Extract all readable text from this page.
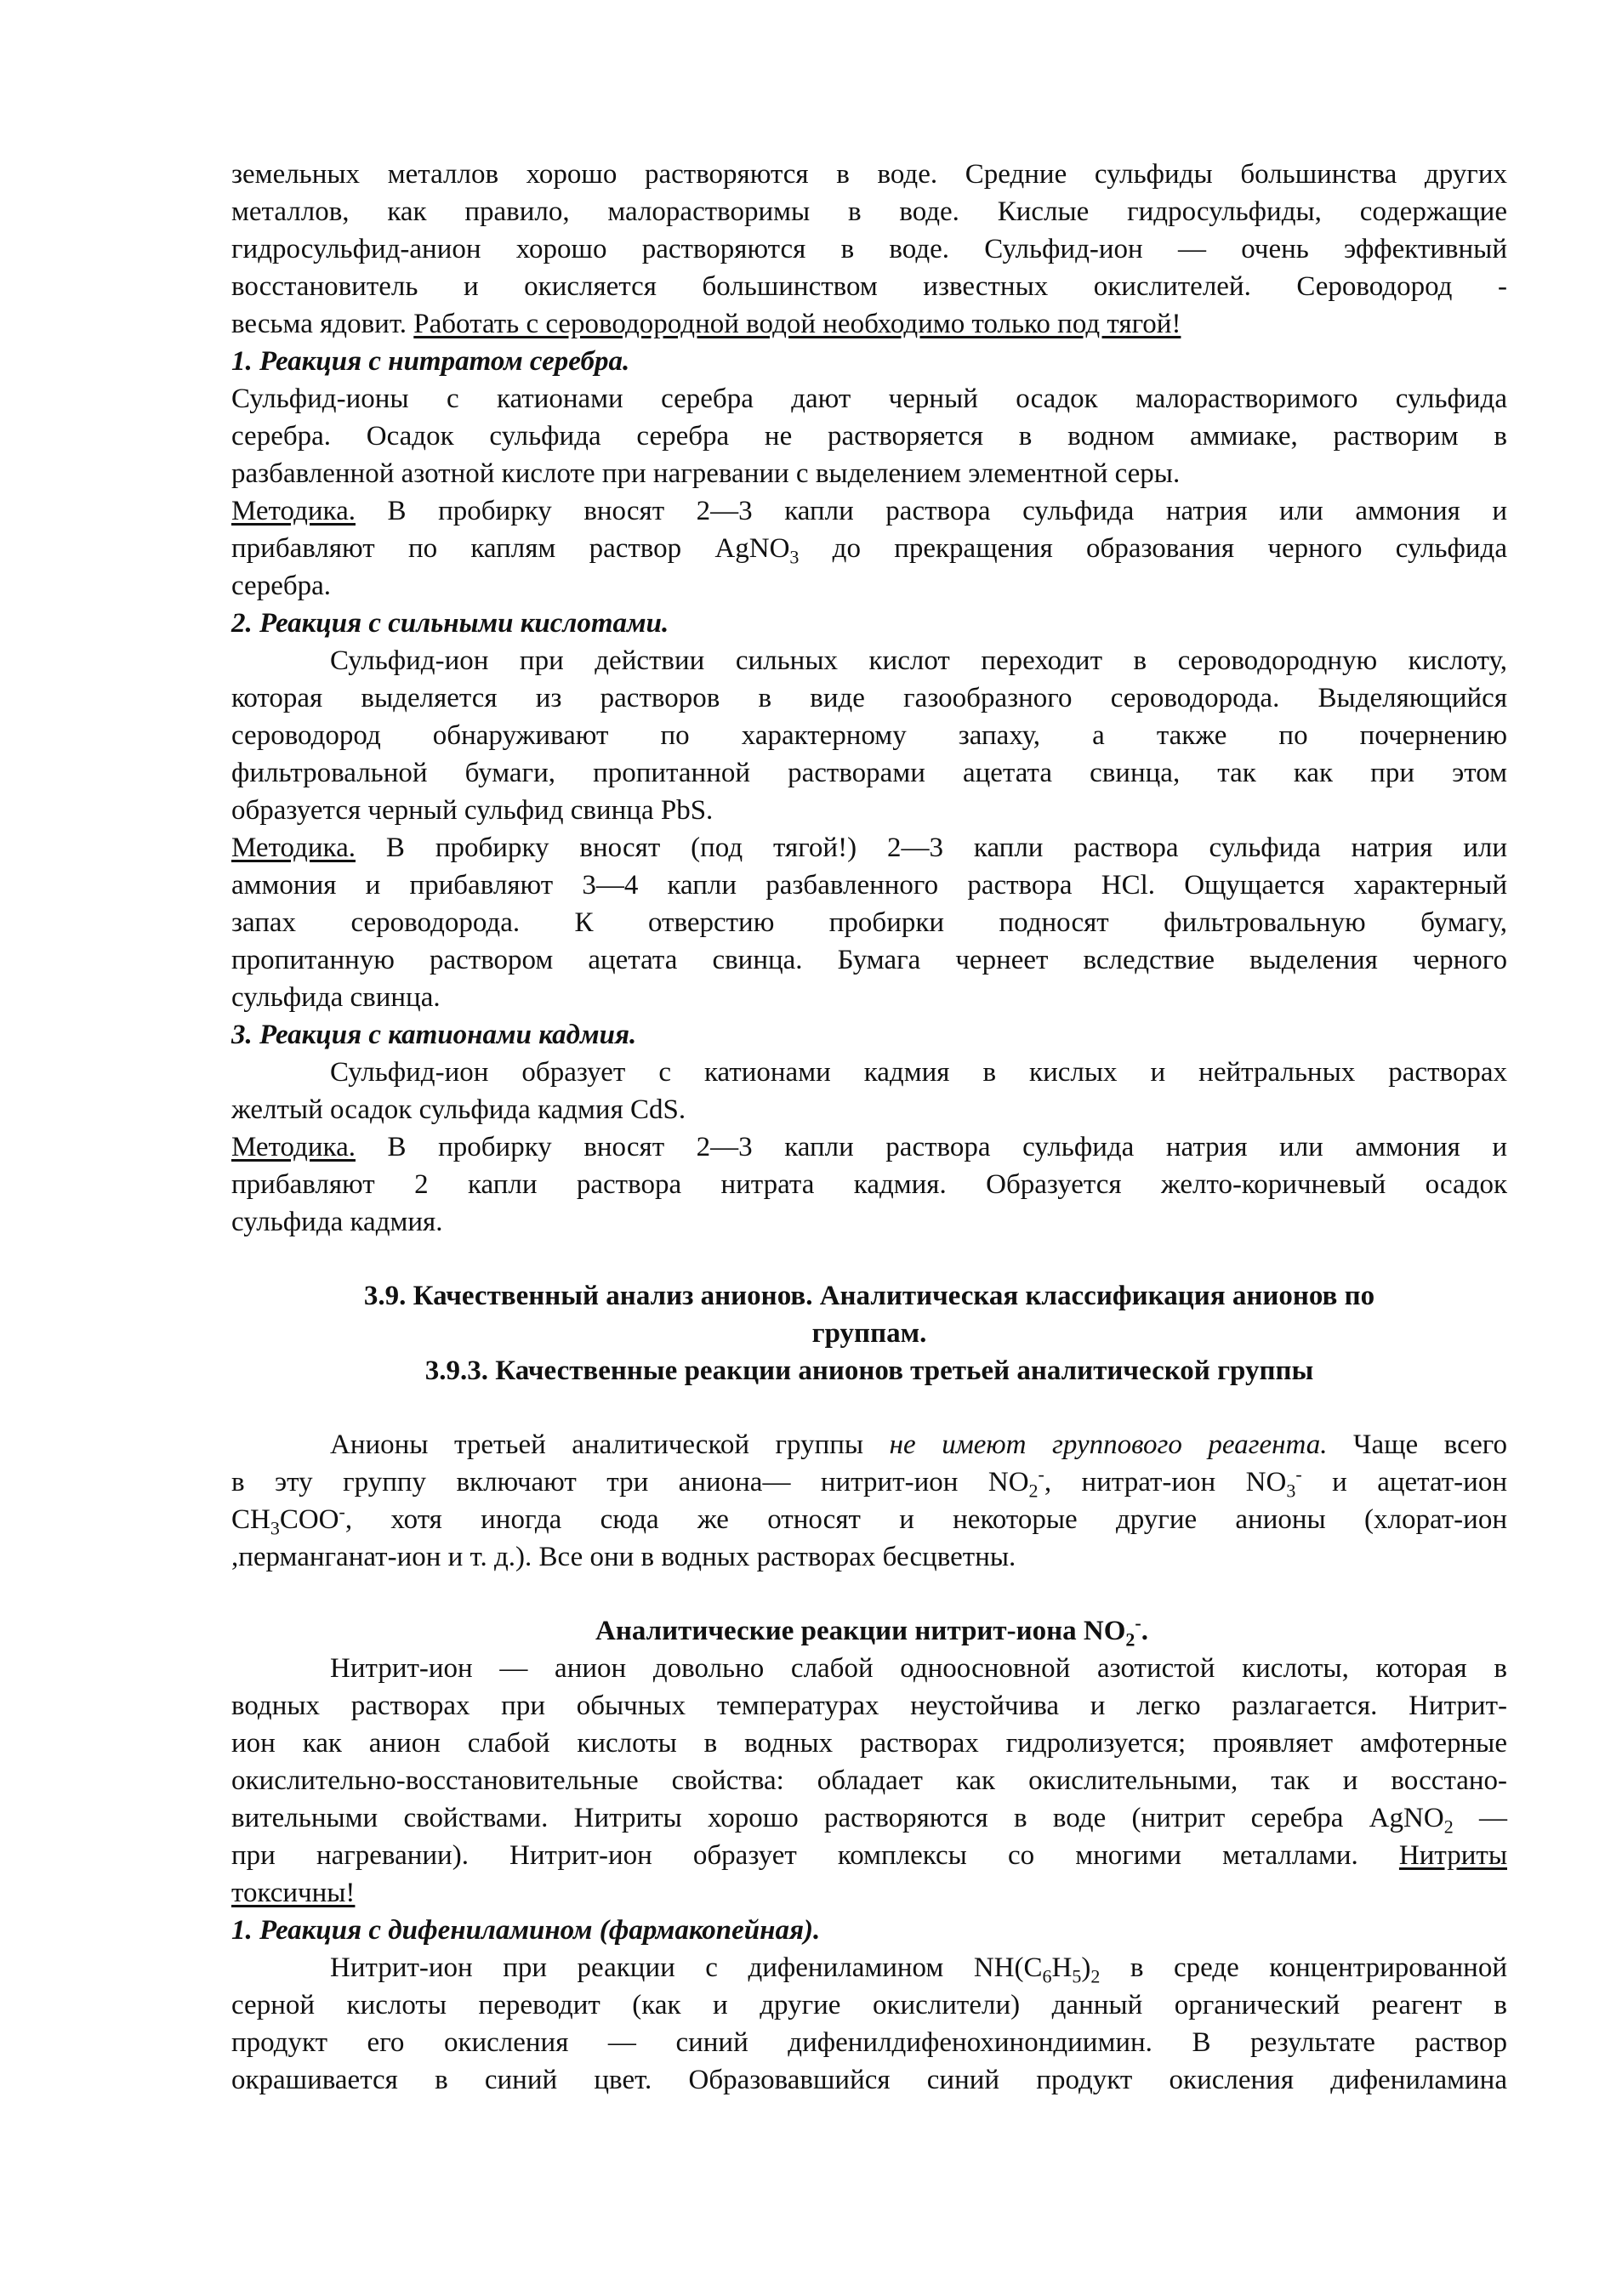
земельных металлов хорошо растворяются в воде. Средние сульфиды большинства других
металлов, как правило, малорастворимы в воде. Кислые гидросульфиды, содержащие
гидросульфид-анион хорошо растворяются в воде. Сульфид-ион — очень эффективный
восстановитель и окисляется большинством известных окислителей. Сероводород -
весьма ядовит. Работать с сероводородной водой необходимо только под тягой!
1. Реакция с нитратом серебра.
Сульфид-ионы с катионами серебра дают черный осадок малорастворимого сульфида
серебра. Осадок сульфида серебра не растворяется в водном аммиаке, растворим в
разбавленной азотной кислоте при нагревании с выделением элементной серы.
Методика. В пробирку вносят 2—3 капли раствора сульфида натрия или аммония и
прибавляют по каплям раствор AgNO$_3$ до прекращения образования черного сульфида
серебра.
2. Реакция с сильными кислотами.
Сульфид-ион при действии сильных кислот переходит в сероводородную кислоту,
которая выделяется из растворов в виде газообразного сероводорода. Выделяющийся
сероводород обнаруживают по характерному запаху, а также по почернению
фильтровальной бумаги, пропитанной растворами ацетата свинца, так как при этом
образуется черный сульфид свинца PbS.
Методика. В пробирку вносят (под тягой!) 2—3 капли раствора сульфида натрия или
аммония и прибавляют 3—4 капли разбавленного раствора HCl. Ощущается характерный
запах сероводорода. К отверстию пробирки подносят фильтровальную бумагу,
пропитанную раствором ацетата свинца. Бумага чернеет вследствие выделения черного
сульфида свинца.
3. Реакция с катионами кадмия.
Сульфид-ион образует с катионами кадмия в кислых и нейтральных растворах
желтый осадок сульфида кадмия CdS.
Методика. В пробирку вносят 2—3 капли раствора сульфида натрия или аммония и
прибавляют 2 капли раствора нитрата кадмия. Образуется желто-коричневый осадок
сульфида кадмия.
3.9. Качественный анализ анионов. Аналитическая классификация анионов по
группам.
3.9.3. Качественные реакции анионов третьей аналитической группы
Анионы третьей аналитической группы не имеют группового реагента. Чаще всего
в эту группу включают три аниона— нитрит-ион $NO_2^-$, нитрат-ион $NO_3^-$ и ацетат-ион
$CH_3COO^-$, хотя иногда сюда же относят и некоторые другие анионы (хлорат-ион
,перманганат-ион и т. д.). Все они в водных растворах бесцветны.
Аналитические реакции нитрит-иона $NO_2^-$.
Нитрит-ион — анион довольно слабой одноосновной азотистой кислоты, которая в
водных растворах при обычных температурах неустойчива и легко разлагается. Нитрит-
ион как анион слабой кислоты в водных растворах гидролизуется; проявляет амфотерные
окислительно-восстановительные свойства: обладает как окислительными, так и восстано-
вительными свойствами. Нитриты хорошо растворяются в воде (нитрит серебра AgNO$_2$ —
при нагревании). Нитрит-ион образует комплексы со многими металлами. Нитриты
токсичны!
1. Реакция с дифениламином (фармакопейная).
Нитрит-ион при реакции с дифениламином $NH(C_6H_5)_2$ в среде концентрированной
серной кислоты переводит (как и другие окислители) данный органический реагент в
продукт его окисления — синий дифенилдифенохинондиимин. В результате раствор
окрашивается в синий цвет. Образовавшийся синий продукт окисления дифениламина
